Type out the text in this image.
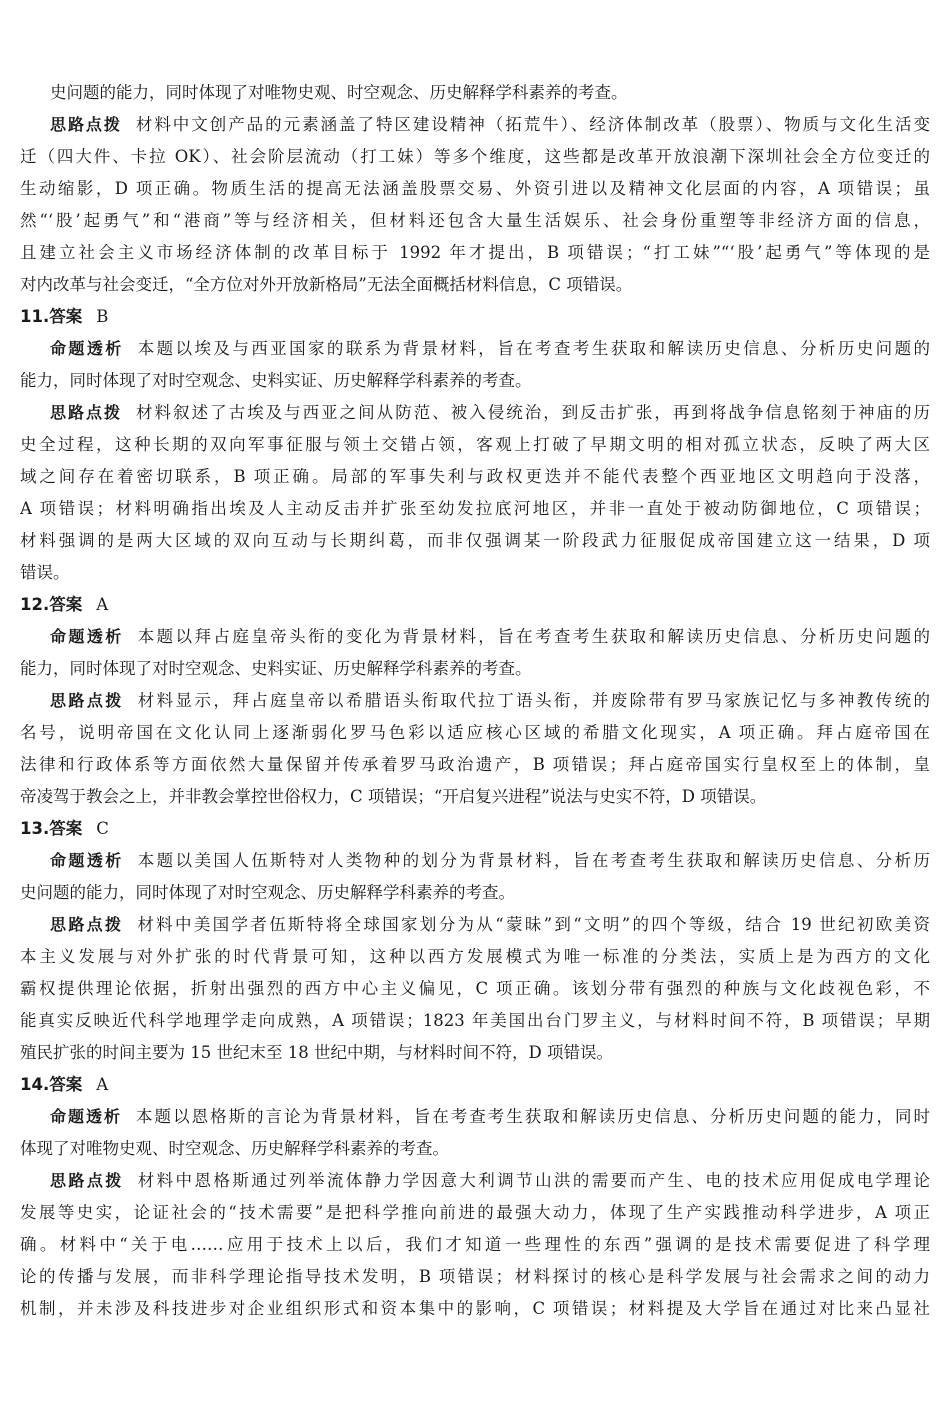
史问题的能力，同时体现了对唯物史观、时空观念、历史解释学科素养的考查。
思路点拨 材料中文创产品的元素涵盖了特区建设精神（拓荒牛）、经济体制改革（股票）、物质与文化生活变
迁（四大件、卡拉 OK）、社会阶层流动（打工妹）等多个维度，这些都是改革开放浪潮下深圳社会全方位变迁的
生动缩影，D 项正确。物质生活的提高无法涵盖股票交易、外资引进以及精神文化层面的内容，A 项错误；虽
然“‘股’起勇气”和“港商”等与经济相关，但材料还包含大量生活娱乐、社会身份重塑等非经济方面的信息，
且建立社会主义市场经济体制的改革目标于 1992 年才提出，B 项错误；“打工妹”“‘股’起勇气”等体现的是
对内改革与社会变迁，“全方位对外开放新格局”无法全面概括材料信息，C 项错误。
11.答案 B
命题透析 本题以埃及与西亚国家的联系为背景材料，旨在考查考生获取和解读历史信息、分析历史问题的
能力，同时体现了对时空观念、史料实证、历史解释学科素养的考查。
思路点拨 材料叙述了古埃及与西亚之间从防范、被入侵统治，到反击扩张，再到将战争信息铭刻于神庙的历
史全过程，这种长期的双向军事征服与领土交错占领，客观上打破了早期文明的相对孤立状态，反映了两大区
域之间存在着密切联系，B 项正确。局部的军事失利与政权更迭并不能代表整个西亚地区文明趋向于没落，
A 项错误；材料明确指出埃及人主动反击并扩张至幼发拉底河地区，并非一直处于被动防御地位，C 项错误；
材料强调的是两大区域的双向互动与长期纠葛，而非仅强调某一阶段武力征服促成帝国建立这一结果，D 项
错误。
12.答案 A
命题透析 本题以拜占庭皇帝头衔的变化为背景材料，旨在考查考生获取和解读历史信息、分析历史问题的
能力，同时体现了对时空观念、史料实证、历史解释学科素养的考查。
思路点拨 材料显示，拜占庭皇帝以希腊语头衔取代拉丁语头衔，并废除带有罗马家族记忆与多神教传统的
名号，说明帝国在文化认同上逐渐弱化罗马色彩以适应核心区域的希腊文化现实，A 项正确。拜占庭帝国在
法律和行政体系等方面依然大量保留并传承着罗马政治遗产，B 项错误；拜占庭帝国实行皇权至上的体制，皇
帝凌驾于教会之上，并非教会掌控世俗权力，C 项错误；“开启复兴进程”说法与史实不符，D 项错误。
13.答案 C
命题透析 本题以美国人伍斯特对人类物种的划分为背景材料，旨在考查考生获取和解读历史信息、分析历
史问题的能力，同时体现了对时空观念、历史解释学科素养的考查。
思路点拨 材料中美国学者伍斯特将全球国家划分为从“蒙昧”到“文明”的四个等级，结合 19 世纪初欧美资
本主义发展与对外扩张的时代背景可知，这种以西方发展模式为唯一标准的分类法，实质上是为西方的文化
霸权提供理论依据，折射出强烈的西方中心主义偏见，C 项正确。该划分带有强烈的种族与文化歧视色彩，不
能真实反映近代科学地理学走向成熟，A 项错误；1823 年美国出台门罗主义，与材料时间不符，B 项错误；早期
殖民扩张的时间主要为 15 世纪末至 18 世纪中期，与材料时间不符，D 项错误。
14.答案 A
命题透析 本题以恩格斯的言论为背景材料，旨在考查考生获取和解读历史信息、分析历史问题的能力，同时
体现了对唯物史观、时空观念、历史解释学科素养的考查。
思路点拨 材料中恩格斯通过列举流体静力学因意大利调节山洪的需要而产生、电的技术应用促成电学理论
发展等史实，论证社会的“技术需要”是把科学推向前进的最强大动力，体现了生产实践推动科学进步，A 项正
确。材料中“关于电……应用于技术上以后，我们才知道一些理性的东西”强调的是技术需要促进了科学理
论的传播与发展，而非科学理论指导技术发明，B 项错误；材料探讨的核心是科学发展与社会需求之间的动力
机制，并未涉及科技进步对企业组织形式和资本集中的影响，C 项错误；材料提及大学旨在通过对比来凸显社
